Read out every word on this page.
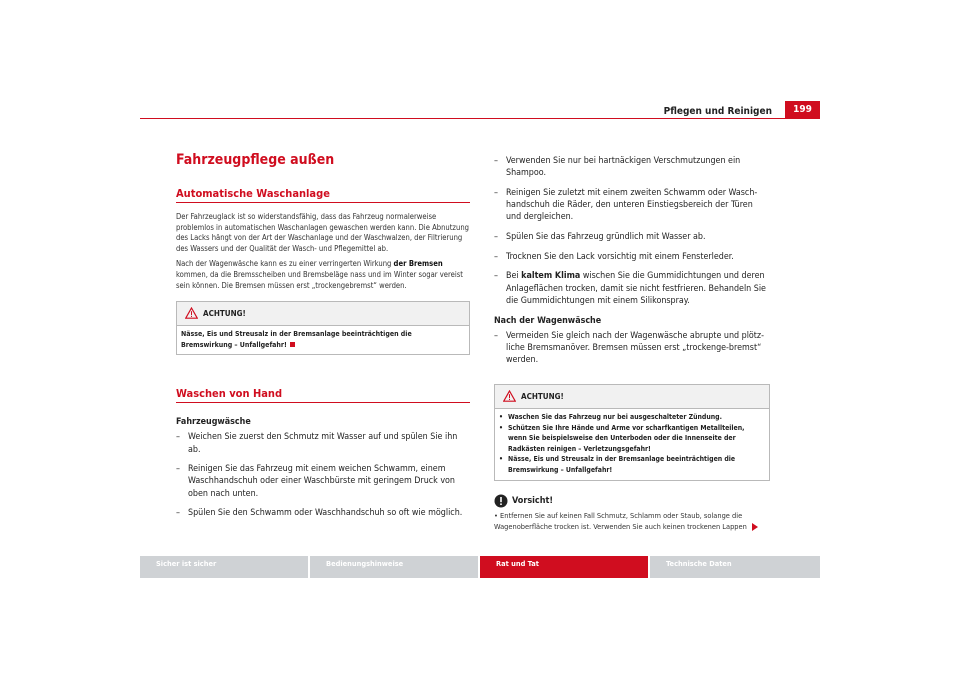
Pflegen und Reinigen	199
Fahrzeugpflege außen
Automatische Waschanlage

Der Fahrzeuglack ist so widerstandsfähig, dass das Fahrzeug normalerweise problemlos in automatischen Waschanlagen gewaschen werden kann. Die Abnutzung des Lacks hängt von der Art der Waschanlage und der Waschwalzen, der Filtrierung des Wassers und der Qualität der Wasch- und Pflegemittel ab.

Nach der Wagenwäsche kann es zu einer verringerten Wirkung der Bremsen kommen, da die Bremsscheiben und Bremsbeläge nass und im Winter sogar vereist sein können. Die Bremsen müssen erst „trockengebremst“ werden.

ACHTUNG!
Nässe, Eis und Streusalz in der Bremsanlage beeinträchtigen die Bremswirkung – Unfallgefahr!
Waschen von Hand
Fahrzeugwäsche
– Weichen Sie zuerst den Schmutz mit Wasser auf und spülen Sie ihn ab.
– Reinigen Sie das Fahrzeug mit einem weichen Schwamm, einem Waschhandschuh oder einer Waschbürste mit geringem Druck von oben nach unten.
– Spülen Sie den Schwamm oder Waschhandschuh so oft wie möglich.
– Verwenden Sie nur bei hartnäckigen Verschmutzungen ein Shampoo.
– Reinigen Sie zuletzt mit einem zweiten Schwamm oder Wasch-handschuh die Räder, den unteren Einstiegsbereich der Türen und dergleichen.
– Spülen Sie das Fahrzeug gründlich mit Wasser ab.
– Trocknen Sie den Lack vorsichtig mit einem Fensterleder.
– Bei kaltem Klima wischen Sie die Gummidichtungen und deren Anlageflächen trocken, damit sie nicht festfrieren. Behandeln Sie die Gummidichtungen mit einem Silikonspray.
Nach der Wagenwäsche
– Vermeiden Sie gleich nach der Wagenwäsche abrupte und plötz-liche Bremsmanöver. Bremsen müssen erst „trockenge-bremst“ werden.
ACHTUNG!
• Waschen Sie das Fahrzeug nur bei ausgeschalteter Zündung.
• Schützen Sie Ihre Hände und Arme vor scharfkantigen Metallteilen, wenn Sie beispielsweise den Unterboden oder die Innenseite der Radkästen reinigen – Verletzungsgefahr!
• Nässe, Eis und Streusalz in der Bremsanlage beeinträchtigen die Bremswirkung – Unfallgefahr!
Vorsicht!
• Entfernen Sie auf keinen Fall Schmutz, Schlamm oder Staub, solange die Wagenoberfläche trocken ist. Verwenden Sie auch keinen trockenen Lappen
Sicher ist sicher	Bedienungshinweise	Rat und Tat	Technische Daten
